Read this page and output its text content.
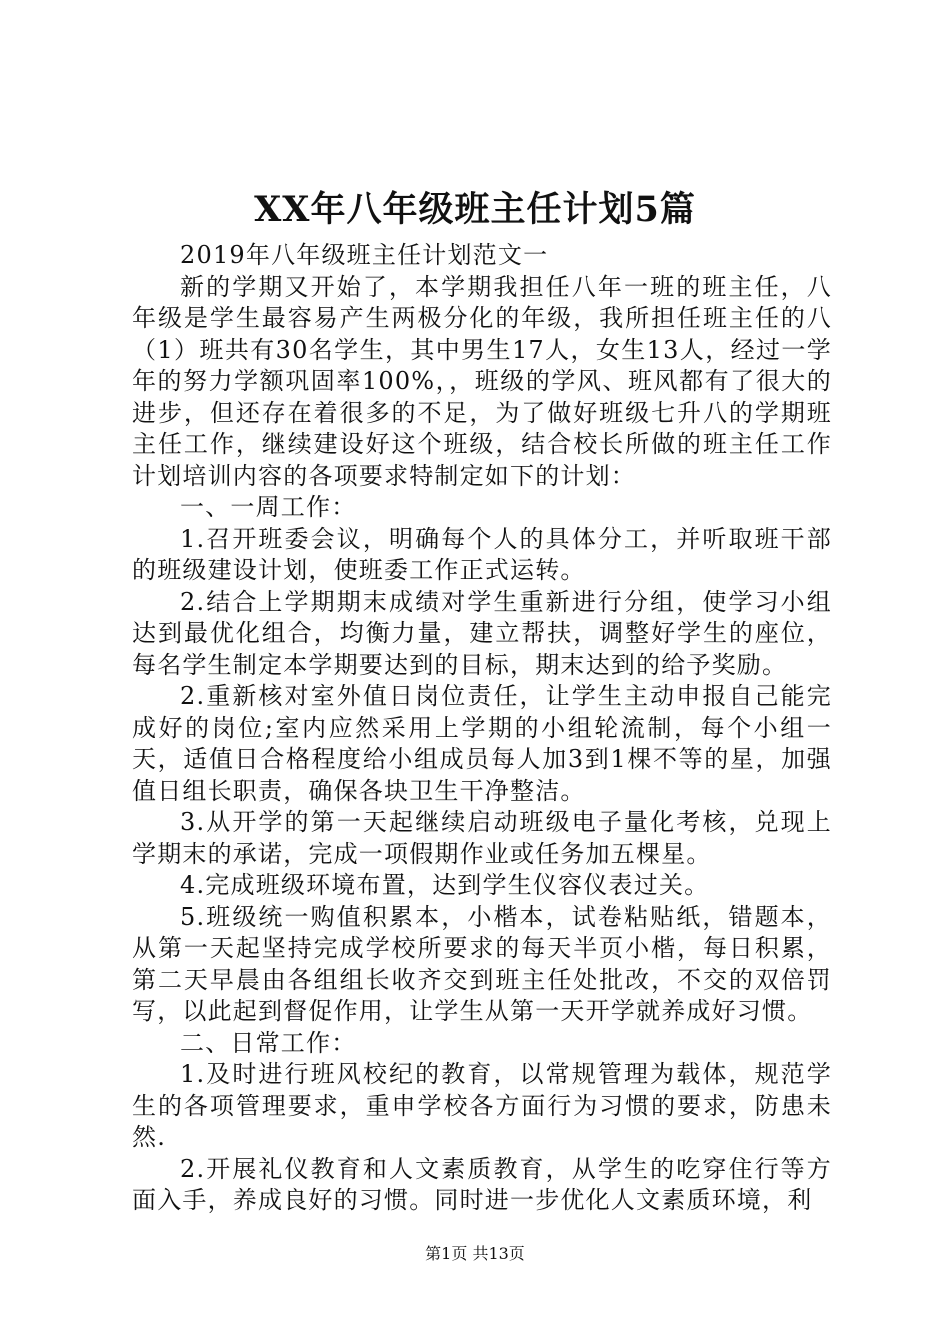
XX年八年级班主任计划5篇

2019年八年级班主任计划范文一

新的学期又开始了，本学期我担任八年一班的班主任，八年级是学生最容易产生两极分化的年级，我所担任班主任的八（1）班共有30名学生，其中男生17人，女生13人，经过一学年的努力学额巩固率100%，，班级的学风、班风都有了很大的进步，但还存在着很多的不足，为了做好班级七升八的学期班主任工作，继续建设好这个班级，结合校长所做的班主任工作计划培训内容的各项要求特制定如下的计划：

一、一周工作：

1.召开班委会议，明确每个人的具体分工，并听取班干部的班级建设计划，使班委工作正式运转。

2.结合上学期期末成绩对学生重新进行分组，使学习小组达到最优化组合，均衡力量，建立帮扶，调整好学生的座位，每名学生制定本学期要达到的目标，期末达到的给予奖励。

2.重新核对室外值日岗位责任，让学生主动申报自己能完成好的岗位;室内应然采用上学期的小组轮流制，每个小组一天，适值日合格程度给小组成员每人加3到1棵不等的星，加强值日组长职责，确保各块卫生干净整洁。

3.从开学的第一天起继续启动班级电子量化考核，兑现上学期末的承诺，完成一项假期作业或任务加五棵星。

4.完成班级环境布置，达到学生仪容仪表过关。

5.班级统一购值积累本，小楷本，试卷粘贴纸，错题本，从第一天起坚持完成学校所要求的每天半页小楷，每日积累，第二天早晨由各组组长收齐交到班主任处批改，不交的双倍罚写，以此起到督促作用，让学生从第一天开学就养成好习惯。

二、日常工作：

1.及时进行班风校纪的教育，以常规管理为载体，规范学生的各项管理要求，重申学校各方面行为习惯的要求，防患未然.

2.开展礼仪教育和人文素质教育，从学生的吃穿住行等方面入手，养成良好的习惯。同时进一步优化人文素质环境，利

第1页 共13页
